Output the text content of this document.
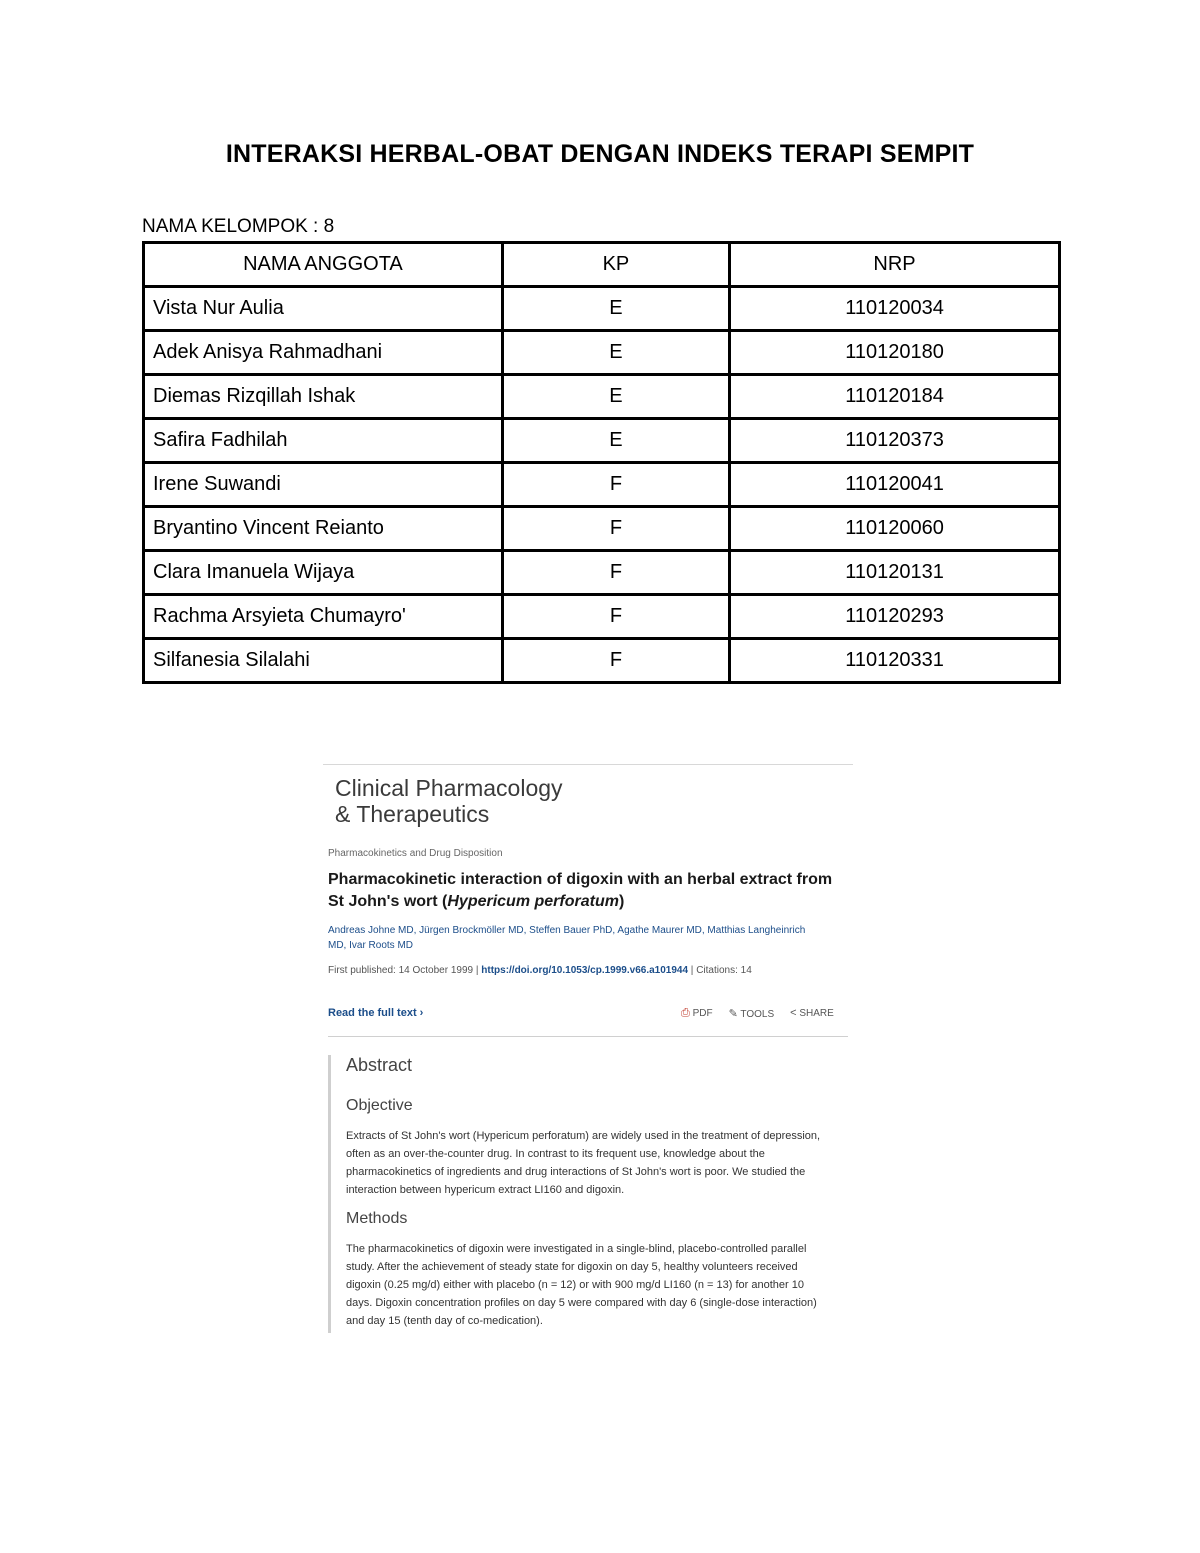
INTERAKSI HERBAL-OBAT DENGAN INDEKS TERAPI SEMPIT
NAMA KELOMPOK : 8
NAMA ANGGOTA	KP	NRP
Vista Nur Aulia	E	110120034
Adek Anisya Rahmadhani	E	110120180
Diemas Rizqillah Ishak	E	110120184
Safira Fadhilah	E	110120373
Irene Suwandi	F	110120041
Bryantino Vincent Reianto	F	110120060
Clara Imanuela Wijaya	F	110120131
Rachma Arsyieta Chumayro'	F	110120293
Silfanesia Silalahi	F	110120331
Clinical Pharmacology
& Therapeutics
Pharmacokinetics and Drug Disposition
Pharmacokinetic interaction of digoxin with an herbal extract from St John's wort (Hypericum perforatum)
Andreas Johne MD, Jürgen Brockmöller MD, Steffen Bauer PhD, Agathe Maurer MD, Matthias Langheinrich MD, Ivar Roots MD
First published: 14 October 1999 | https://doi.org/10.1053/cp.1999.v66.a101944 | Citations: 14
Read the full text ›	⎙ PDF ✎ TOOLS < SHARE
Abstract
Objective
Extracts of St John's wort (Hypericum perforatum) are widely used in the treatment of depression, often as an over-the-counter drug. In contrast to its frequent use, knowledge about the pharmacokinetics of ingredients and drug interactions of St John's wort is poor. We studied the interaction between hypericum extract LI160 and digoxin.
Methods
The pharmacokinetics of digoxin were investigated in a single-blind, placebo-controlled parallel study. After the achievement of steady state for digoxin on day 5, healthy volunteers received digoxin (0.25 mg/d) either with placebo (n = 12) or with 900 mg/d LI160 (n = 13) for another 10 days. Digoxin concentration profiles on day 5 were compared with day 6 (single-dose interaction) and day 15 (tenth day of co-medication).
